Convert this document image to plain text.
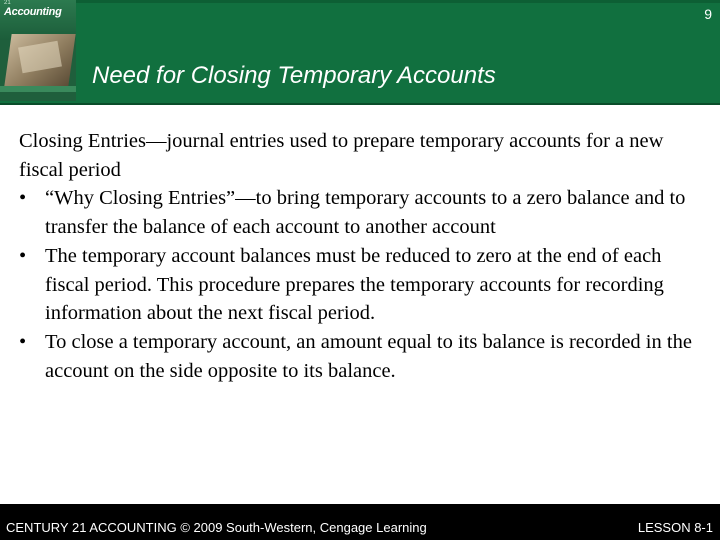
21
Accounting	9
Need for Closing Temporary Accounts

Closing Entries—journal entries used to prepare temporary accounts for a new fiscal period

• “Why Closing Entries”—to bring temporary accounts to a zero balance and to transfer the balance of each account to another account
• The temporary account balances must be reduced to zero at the end of each fiscal period. This procedure prepares the temporary accounts for recording information about the next fiscal period.
• To close a temporary account, an amount equal to its balance is recorded in the account on the side opposite to its balance.
CENTURY 21 ACCOUNTING © 2009 South-Western, Cengage Learning	LESSON 8-1
